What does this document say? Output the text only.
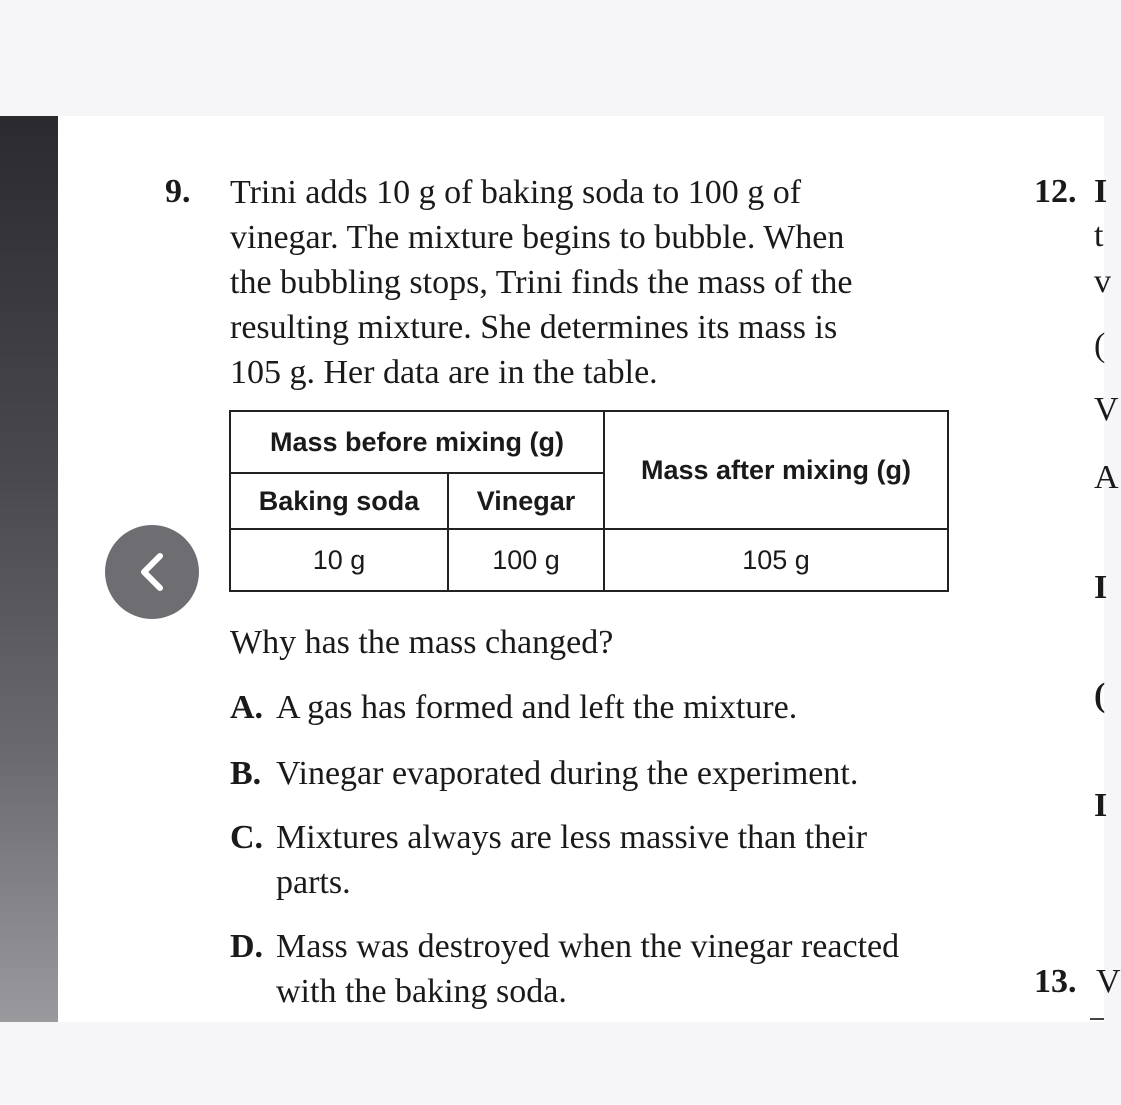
9. Trini adds 10 g of baking soda to 100 g of
vinegar. The mixture begins to bubble. When
the bubbling stops, Trini finds the mass of the
resulting mixture. She determines its mass is
105 g. Her data are in the table.
Mass before mixing (g)		Mass after mixing (g)
Baking soda	Vinegar	
10 g	100 g	105 g
Why has the mass changed?
A. A gas has formed and left the mixture.
B. Vinegar evaporated during the experiment.
C. Mixtures always are less massive than their
parts.
D. Mass was destroyed when the vinegar reacted
with the baking soda.
12.
13.
I
t
v
(
V
A
I
(
I
V
